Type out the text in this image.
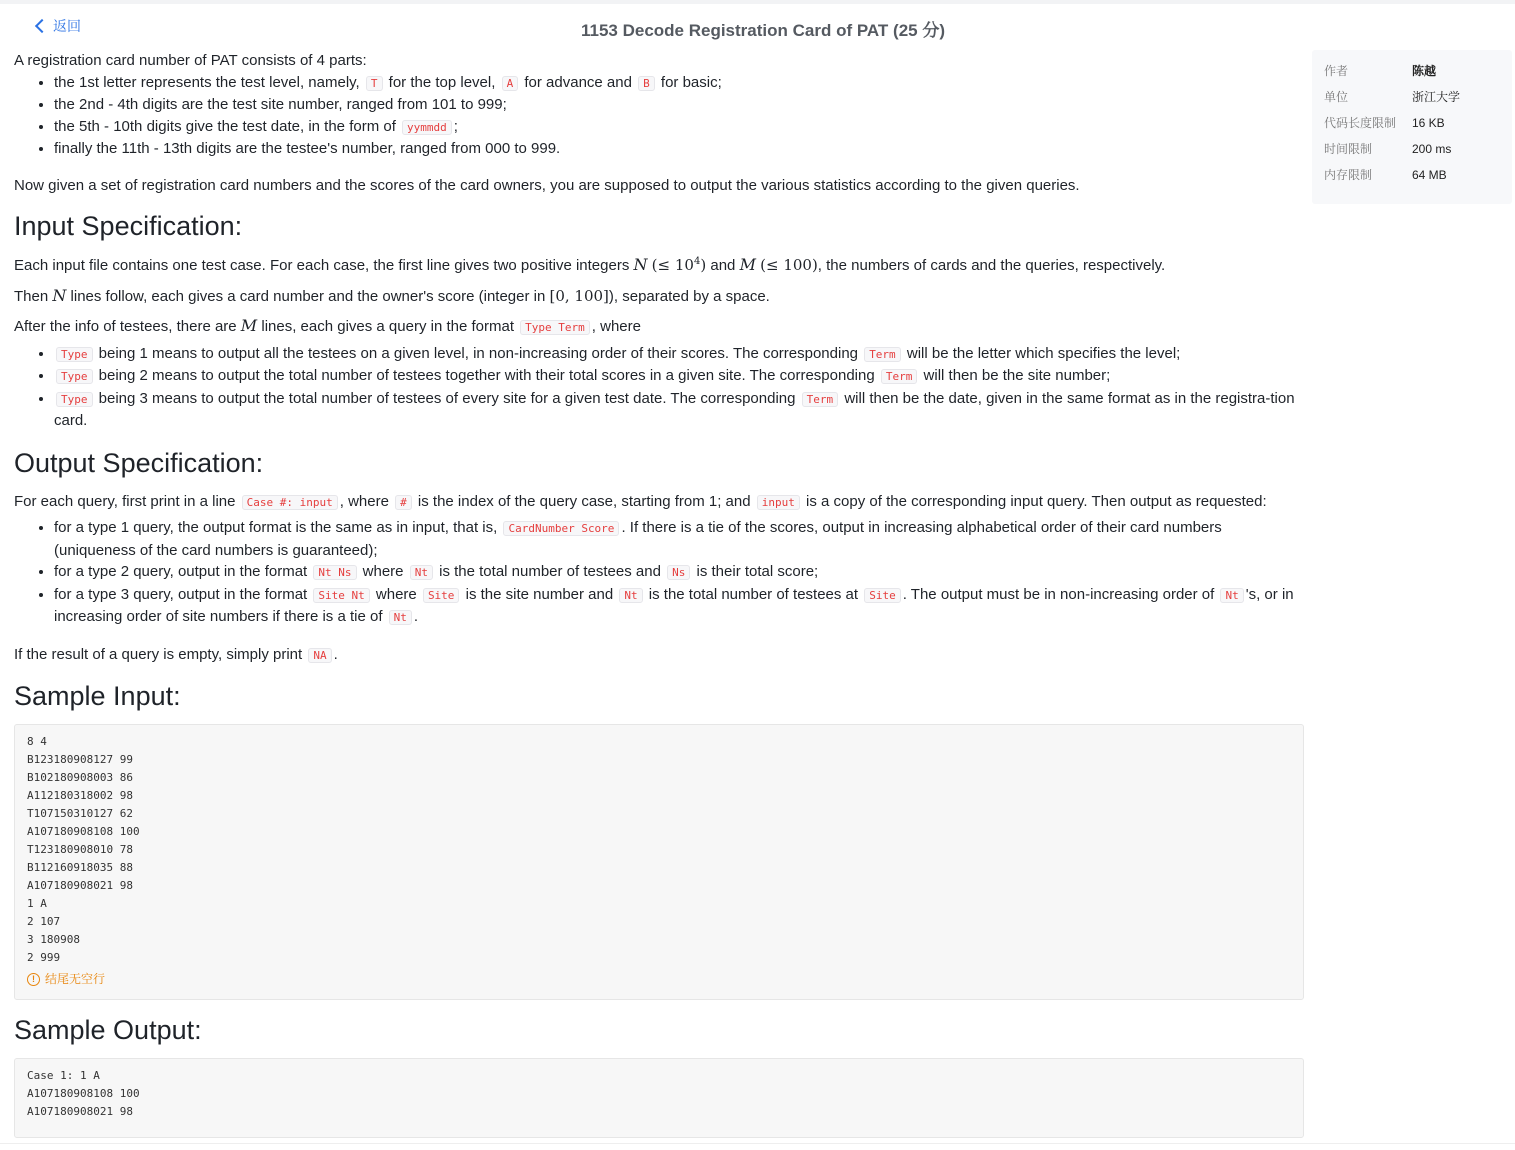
返回	1153 Decode Registration Card of PAT (25 分)
作者	陈越
单位	浙江大学
代码长度限制	16 KB
时间限制	200 ms
内存限制	64 MB

A registration card number of PAT consists of 4 parts:

• the 1st letter represents the test level, namely, T for the top level, A for advance and B for basic;
• the 2nd - 4th digits are the test site number, ranged from 101 to 999;
• the 5th - 10th digits give the test date, in the form of yymmdd ;
• finally the 11th - 13th digits are the testee's number, ranged from 000 to 999.

Now given a set of registration card numbers and the scores of the card owners, you are supposed to output the various statistics according to the given queries.

Input Specification:

Each input file contains one test case. For each case, the first line gives two positive integers N (≤ $10^4$) and M (≤ 100), the numbers of cards and the queries, respectively.

Then N lines follow, each gives a card number and the owner's score (integer in [0, 100]), separated by a space.

After the info of testees, there are M lines, each gives a query in the format Type Term , where

• Type being 1 means to output all the testees on a given level, in non-increasing order of their scores. The corresponding Term will be the letter which specifies the level;
• Type being 2 means to output the total number of testees together with their total scores in a given site. The corresponding Term will then be the site number;
• Type being 3 means to output the total number of testees of every site for a given test date. The corresponding Term will then be the date, given in the same format as in the registra-tion card.
Output Specification:

For each query, first print in a line Case #: input , where # is the index of the query case, starting from 1; and input is a copy of the corresponding input query. Then output as requested:

• for a type 1 query, the output format is the same as in input, that is, CardNumber Score . If there is a tie of the scores, output in increasing alphabetical order of their card numbers (uniqueness of the card numbers is guaranteed);
• for a type 2 query, output in the format Nt Ns where Nt is the total number of testees and Ns is their total score;
• for a type 3 query, output in the format Site Nt where Site is the site number and Nt is the total number of testees at Site . The output must be in non-increasing order of Nt 's, or in increasing order of site numbers if there is a tie of Nt .

If the result of a query is empty, simply print NA .

Sample Input:
8 4
B123180908127 99
B102180908003 86
A112180318002 98
T107150310127 62
A107180908108 100
T123180908010 78
B112160918035 88
A107180908021 98
1 A
2 107
3 180908
2 999
! 结尾无空行
Sample Output:
Case 1: 1 A
A107180908108 100
A107180908021 98
